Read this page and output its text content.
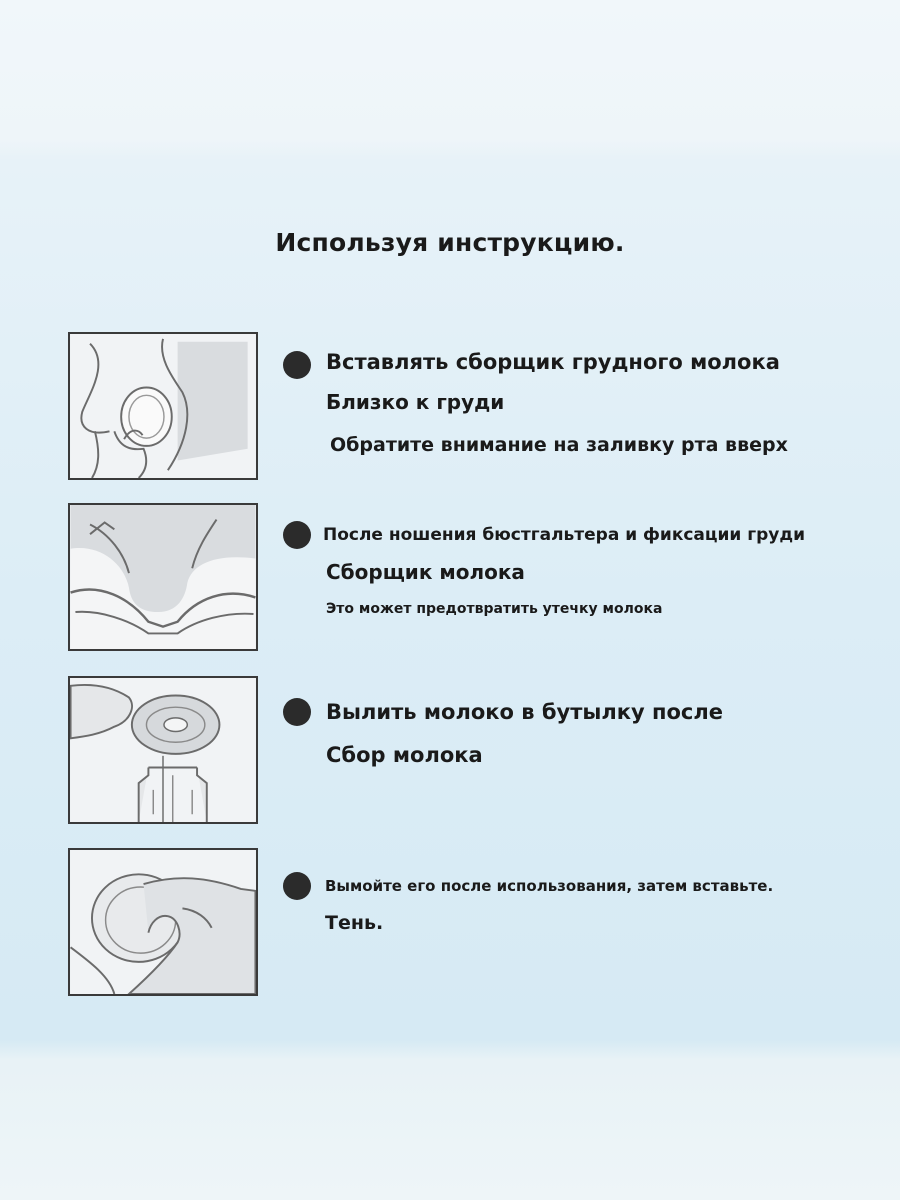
Используя инструкцию.
Вставлять сборщик грудного молока
Близко к груди
Обратите внимание на заливку рта вверх
После ношения бюстгальтера и фиксации груди
Сборщик молока
Это может предотвратить утечку молока
Вылить молоко в бутылку после
Сбор молока
Вымойте его после использования, затем вставьте.
Тень.
